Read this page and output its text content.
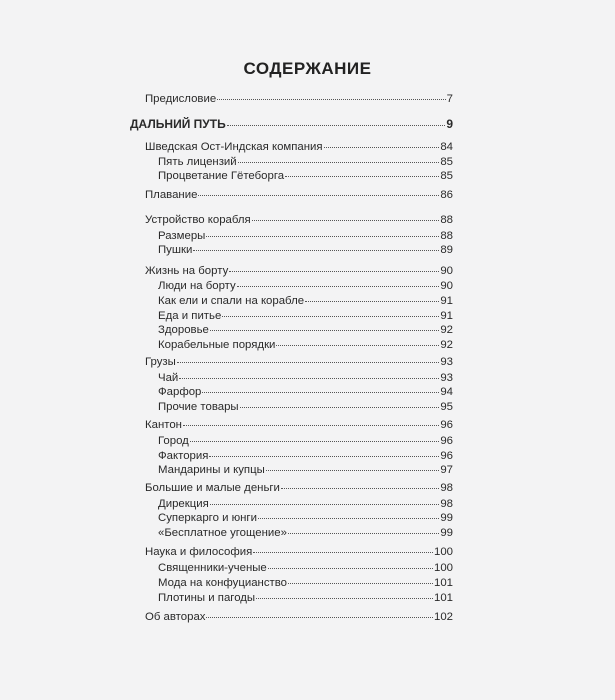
СОДЕРЖАНИЕ
Предисловие	7
ДАЛЬНИЙ ПУТЬ	9
Шведская Ост-Индская компания	84
Пять лицензий	85
Процветание Гётеборга	85
Плавание	86
Устройство корабля	88
Размеры	88
Пушки	89
Жизнь на борту	90
Люди на борту	90
Как ели и спали на корабле	91
Еда и питье	91
Здоровье	92
Корабельные порядки	92
Грузы	93
Чай	93
Фарфор	94
Прочие товары	95
Кантон	96
Город	96
Фактория	96
Мандарины и купцы	97
Большие и малые деньги	98
Дирекция	98
Суперкарго и юнги	99
«Бесплатное угощение»	99
Наука и философия	100
Священники-ученые	100
Мода на конфуцианство	101
Плотины и пагоды	101
Об авторах	102
